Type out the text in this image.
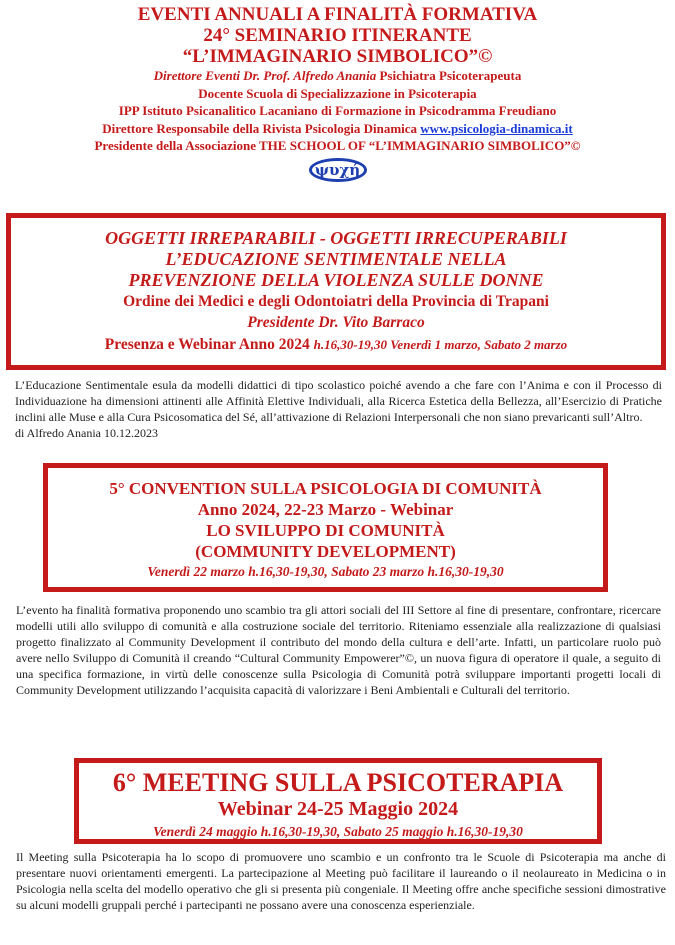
EVENTI ANNUALI A FINALITÀ FORMATIVA

24° SEMINARIO ITINERANTE

“L’IMMAGINARIO SIMBOLICO”©

Direttore Eventi Dr. Prof. Alfredo Anania Psichiatra Psicoterapeuta

Docente Scuola di Specializzazione in Psicoterapia

IPP Istituto Psicanalitico Lacaniano di Formazione in Psicodramma Freudiano

Direttore Responsabile della Rivista Psicologia Dinamica www.psicologia-dinamica.it

Presidente della Associazione THE SCHOOL OF “L’IMMAGINARIO SIMBOLICO”©

ψυχή
OGGETTI IRREPARABILI - OGGETTI IRRECUPERABILI
L’EDUCAZIONE SENTIMENTALE NELLA
PREVENZIONE DELLA VIOLENZA SULLE DONNE
Ordine dei Medici e degli Odontoiatri della Provincia di Trapani
Presidente Dr. Vito Barraco
Presenza e Webinar Anno 2024 h.16,30-19,30 Venerdì 1 marzo, Sabato 2 marzo

L’Educazione Sentimentale esula da modelli didattici di tipo scolastico poiché avendo a che fare con l’Anima e con il Processo di Individuazione ha dimensioni attinenti alle Affinità Elettive Individuali, alla Ricerca Estetica della Bellezza, all’Esercizio di Pratiche inclini alle Muse e alla Cura Psicosomatica del Sé, all’attivazione di Relazioni Interpersonali che non siano prevaricanti sull’Altro.
di Alfredo Anania 10.12.2023

5° CONVENTION SULLA PSICOLOGIA DI COMUNITÀ
Anno 2024, 22-23 Marzo - Webinar
LO SVILUPPO DI COMUNITÀ
(COMMUNITY DEVELOPMENT)
Venerdì 22 marzo h.16,30-19,30, Sabato 23 marzo h.16,30-19,30

L’evento ha finalità formativa proponendo uno scambio tra gli attori sociali del III Settore al fine di presentare, confrontare, ricercare modelli utili allo sviluppo di comunità e alla costruzione sociale del territorio. Riteniamo essenziale alla realizzazione di qualsiasi progetto finalizzato al Community Development il contributo del mondo della cultura e dell’arte. Infatti, un particolare ruolo può avere nello Sviluppo di Comunità il creando “Cultural Community Empowerer”©, un nuova figura di operatore il quale, a seguito di una specifica formazione, in virtù delle conoscenze sulla Psicologia di Comunità potrà sviluppare importanti progetti locali di Community Development utilizzando l’acquisita capacità di valorizzare i Beni Ambientali e Culturali del territorio.

6° MEETING SULLA PSICOTERAPIA
Webinar 24-25 Maggio 2024
Venerdì 24 maggio h.16,30-19,30, Sabato 25 maggio h.16,30-19,30

Il Meeting sulla Psicoterapia ha lo scopo di promuovere uno scambio e un confronto tra le Scuole di Psicoterapia ma anche di presentare nuovi orientamenti emergenti. La partecipazione al Meeting può facilitare il laureando o il neolaureato in Medicina o in Psicologia nella scelta del modello operativo che gli si presenta più congeniale. Il Meeting offre anche specifiche sessioni dimostrative su alcuni modelli gruppali perché i partecipanti ne possano avere una conoscenza esperienziale.
